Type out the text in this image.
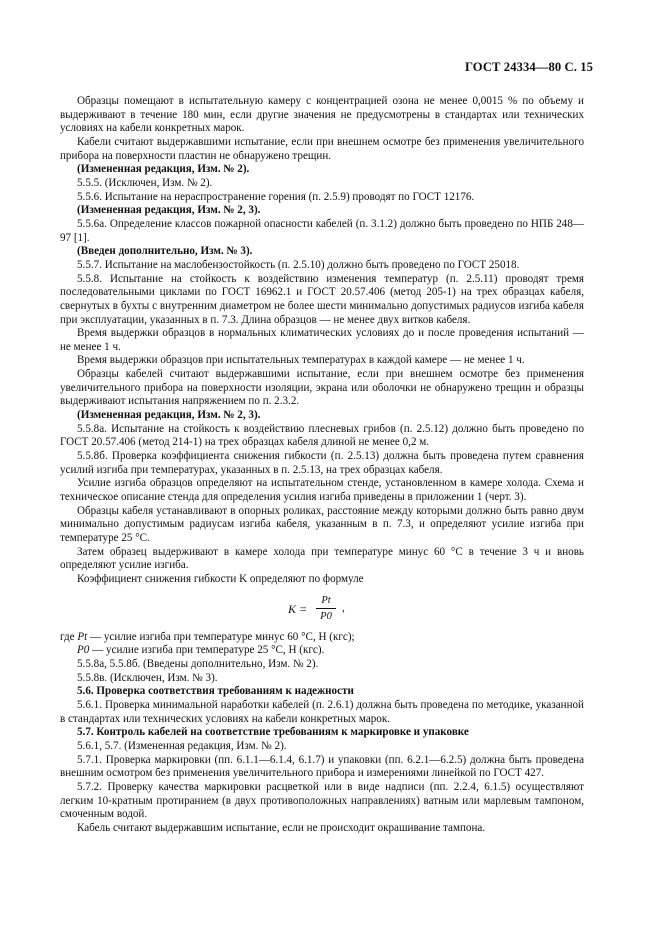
ГОСТ 24334—80 С. 15

Образцы помещают в испытательную камеру с концентрацией озона не менее 0,0015 % по объему и выдерживают в течение 180 мин, если другие значения не предусмотрены в стандартах или технических условиях на кабели конкретных марок.

Кабели считают выдержавшими испытание, если при внешнем осмотре без применения увеличительного прибора на поверхности пластин не обнаружено трещин.

(Измененная редакция, Изм. № 2).

5.5.5. (Исключен, Изм. № 2).

5.5.6. Испытание на нераспространение горения (п. 2.5.9) проводят по ГОСТ 12176.

(Измененная редакция, Изм. № 2, 3).

5.5.6а. Определение классов пожарной опасности кабелей (п. 3.1.2) должно быть проведено по НПБ 248—97 [1].

(Введен дополнительно, Изм. № 3).

5.5.7. Испытание на маслобензостойкость (п. 2.5.10) должно быть проведено по ГОСТ 25018.

5.5.8. Испытание на стойкость к воздействию изменения температур (п. 2.5.11) проводят тремя последовательными циклами по ГОСТ 16962.1 и ГОСТ 20.57.406 (метод 205-1) на трех образцах кабеля, свернутых в бухты с внутренним диаметром не более шести минимально допустимых радиусов изгиба кабеля при эксплуатации, указанных в п. 7.3. Длина образцов — не менее двух витков кабеля.

Время выдержки образцов в нормальных климатических условиях до и после проведения испытаний — не менее 1 ч.

Время выдержки образцов при испытательных температурах в каждой камере — не менее 1 ч.

Образцы кабелей считают выдержавшими испытание, если при внешнем осмотре без применения увеличительного прибора на поверхности изоляции, экрана или оболочки не обнаружено трещин и образцы выдерживают испытания напряжением по п. 2.3.2.

(Измененная редакция, Изм. № 2, 3).

5.5.8а. Испытание на стойкость к воздействию плесневых грибов (п. 2.5.12) должно быть проведено по ГОСТ 20.57.406 (метод 214-1) на трех образцах кабеля длиной не менее 0,2 м.

5.5.8б. Проверка коэффициента снижения гибкости (п. 2.5.13) должна быть проведена путем сравнения усилий изгиба при температурах, указанных в п. 2.5.13, на трех образцах кабеля.

Усилие изгиба образцов определяют на испытательном стенде, установленном в камере холода. Схема и техническое описание стенда для определения усилия изгиба приведены в приложении 1 (черт. 3).

Образцы кабеля устанавливают в опорных роликах, расстояние между которыми должно быть равно двум минимально допустимым радиусам изгиба кабеля, указанным в п. 7.3, и определяют усилие изгиба при температуре 25 °С.

Затем образец выдерживают в камере холода при температуре минус 60 °С в течение 3 ч и вновь определяют усилие изгиба.

Коэффициент снижения гибкости K определяют по формуле

K =
Pt
P0
,

где Pt — усилие изгиба при температуре минус 60 °С, Н (кгс);

P0 — усилие изгиба при температуре 25 °С, Н (кгс).

5.5.8а, 5.5.8б. (Введены дополнительно, Изм. № 2).

5.5.8в. (Исключен, Изм. № 3).

5.6. Проверка соответствия требованиям к надежности

5.6.1. Проверка минимальной наработки кабелей (п. 2.6.1) должна быть проведена по методике, указанной в стандартах или технических условиях на кабели конкретных марок.

5.7. Контроль кабелей на соответствие требованиям к маркировке и упаковке

5.6.1, 5.7. (Измененная редакция, Изм. № 2).

5.7.1. Проверка маркировки (пп. 6.1.1—6.1.4, 6.1.7) и упаковки (пп. 6.2.1—6.2.5) должна быть проведена внешним осмотром без применения увеличительного прибора и измерениями линейкой по ГОСТ 427.

5.7.2. Проверку качества маркировки расцветкой или в виде надписи (пп. 2.2.4, 6.1.5) осуществляют легким 10-кратным протиранием (в двух противоположных направлениях) ватным или марлевым тампоном, смоченным водой.

Кабель считают выдержавшим испытание, если не происходит окрашивание тампона.
